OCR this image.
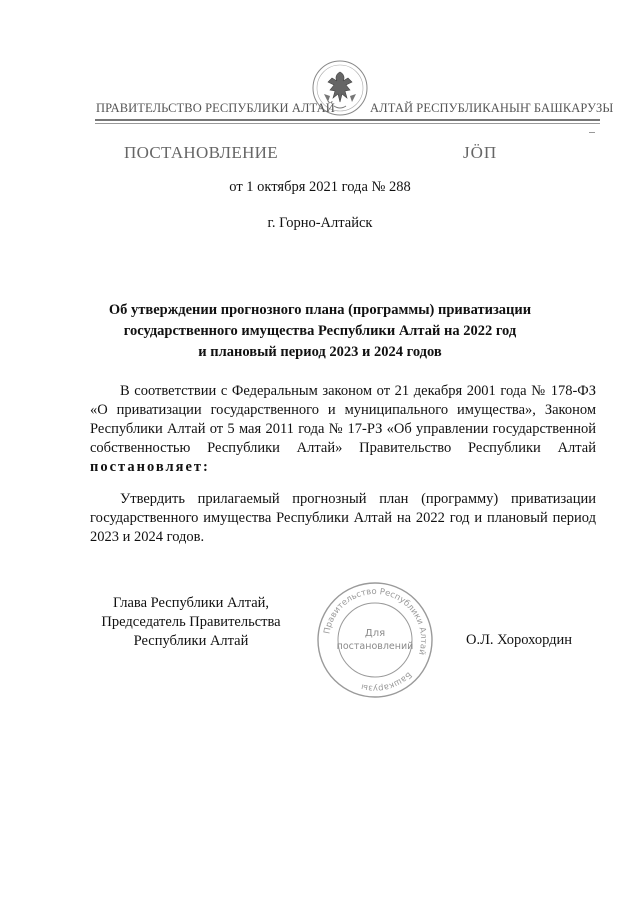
ПРАВИТЕЛЬСТВО РЕСПУБЛИКИ АЛТАЙ	АЛТАЙ РЕСПУБЛИКАНЫҤ БАШКАРУЗЫ
ПОСТАНОВЛЕНИЕ	ЈӦП
от 1 октября 2021 года № 288
г. Горно-Алтайск
Об утверждении прогнозного плана (программы) приватизации
государственного имущества Республики Алтай на 2022 год
и плановый период 2023 и 2024 годов
В соответствии с Федеральным законом от 21 декабря 2001 года № 178-ФЗ «О приватизации государственного и муниципального имущества», Законом Республики Алтай от 5 мая 2011 года № 17-РЗ «Об управлении государственной собственностью Республики Алтай» Правительство Республики Алтай постановляет:
Утвердить прилагаемый прогнозный план (программу) приватизации государственного имущества Республики Алтай на 2022 год и плановый период 2023 и 2024 годов.
Глава Республики Алтай,
Председатель Правительства
Республики Алтай
Правительство Республики Алтай
Башкарузы
Для
постановлений	О.Л. Хорохордин
